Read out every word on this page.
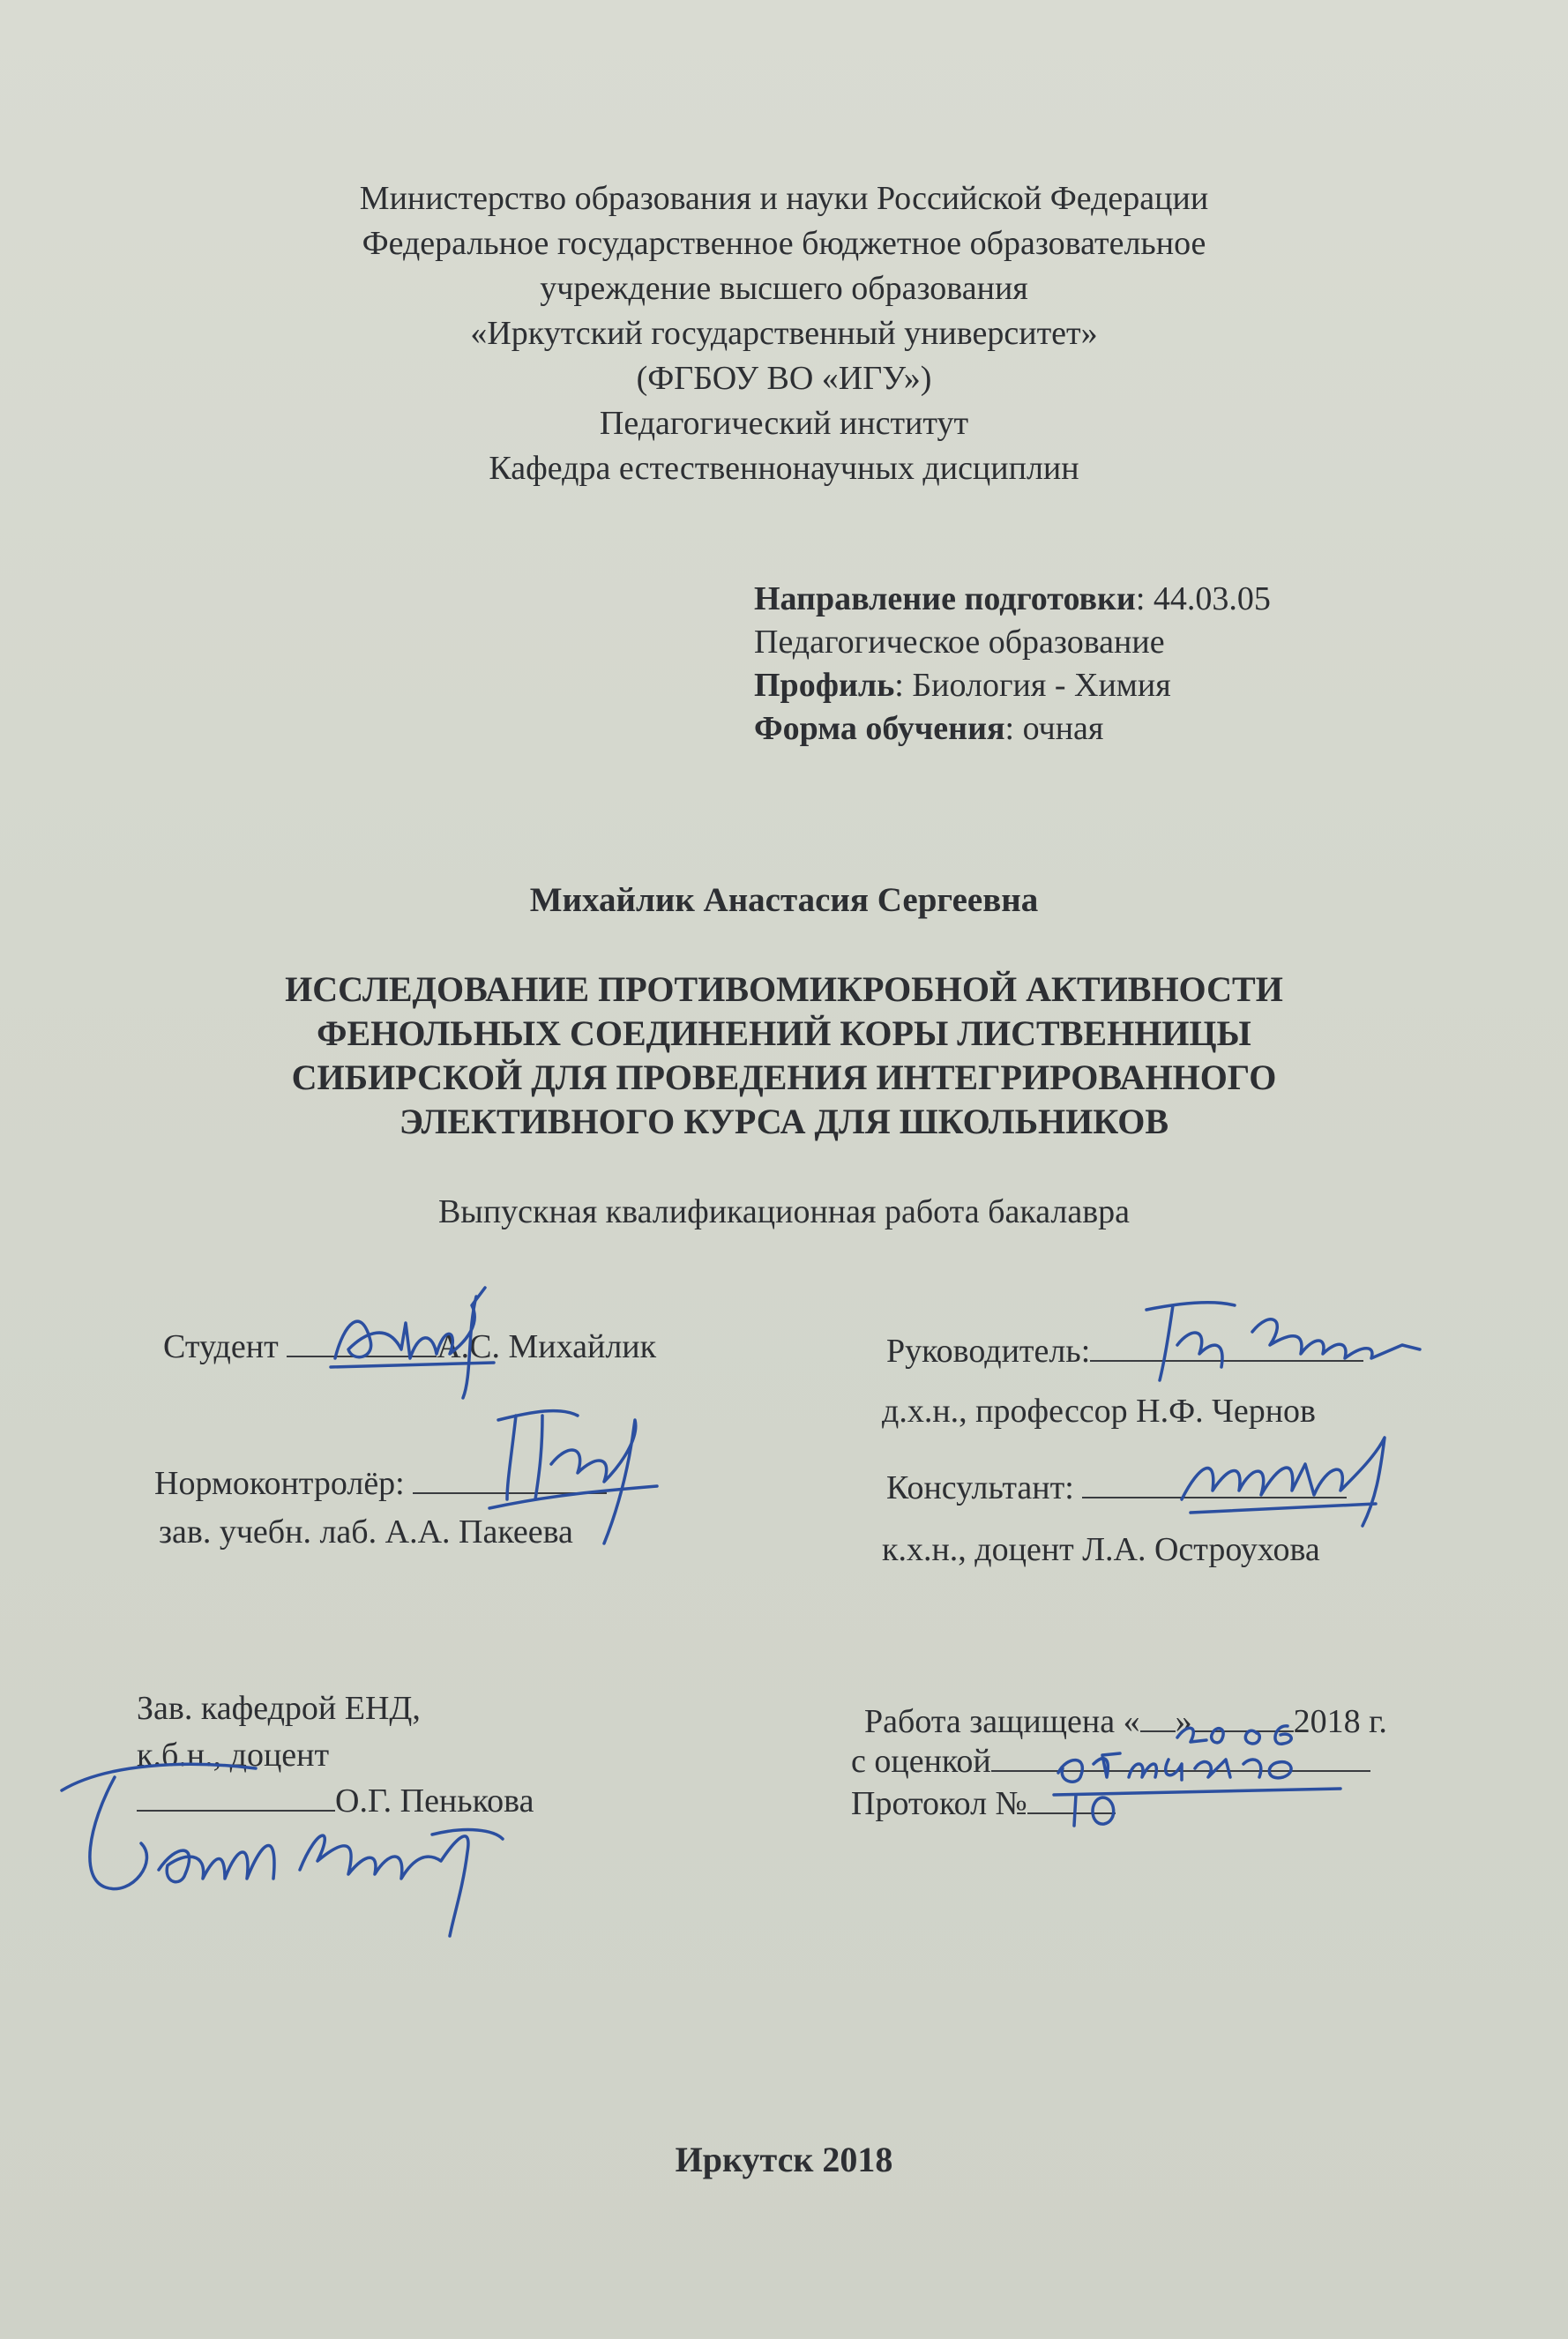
Министерство образования и науки Российской Федерации
Федеральное государственное бюджетное образовательное
учреждение высшего образования
«Иркутский государственный университет»
(ФГБОУ ВО «ИГУ»)
Педагогический институт
Кафедра естественнонаучных дисциплин
Направление подготовки: 44.03.05
Педагогическое образование
Профиль: Биология - Химия
Форма обучения: очная
Михайлик Анастасия Сергеевна
ИССЛЕДОВАНИЕ ПРОТИВОМИКРОБНОЙ АКТИВНОСТИ
ФЕНОЛЬНЫХ СОЕДИНЕНИЙ КОРЫ ЛИСТВЕННИЦЫ
СИБИРСКОЙ ДЛЯ ПРОВЕДЕНИЯ ИНТЕГРИРОВАННОГО
ЭЛЕКТИВНОГО КУРСА ДЛЯ ШКОЛЬНИКОВ
Выпускная квалификационная работа бакалавра
Студент	А.С. Михайлик	Руководитель:
д.х.н., профессор Н.Ф. Чернов
Нормоконтролёр:
зав. учебн. лаб. А.А. Пакеева
Консультант:
к.х.н., доцент Л.А. Остроухова
Зав. кафедрой ЕНД,
к.б.н., доцент
О.Г. Пенькова
Работа защищена « »	2018 г.
с оценкой
Протокол №
Иркутск 2018
